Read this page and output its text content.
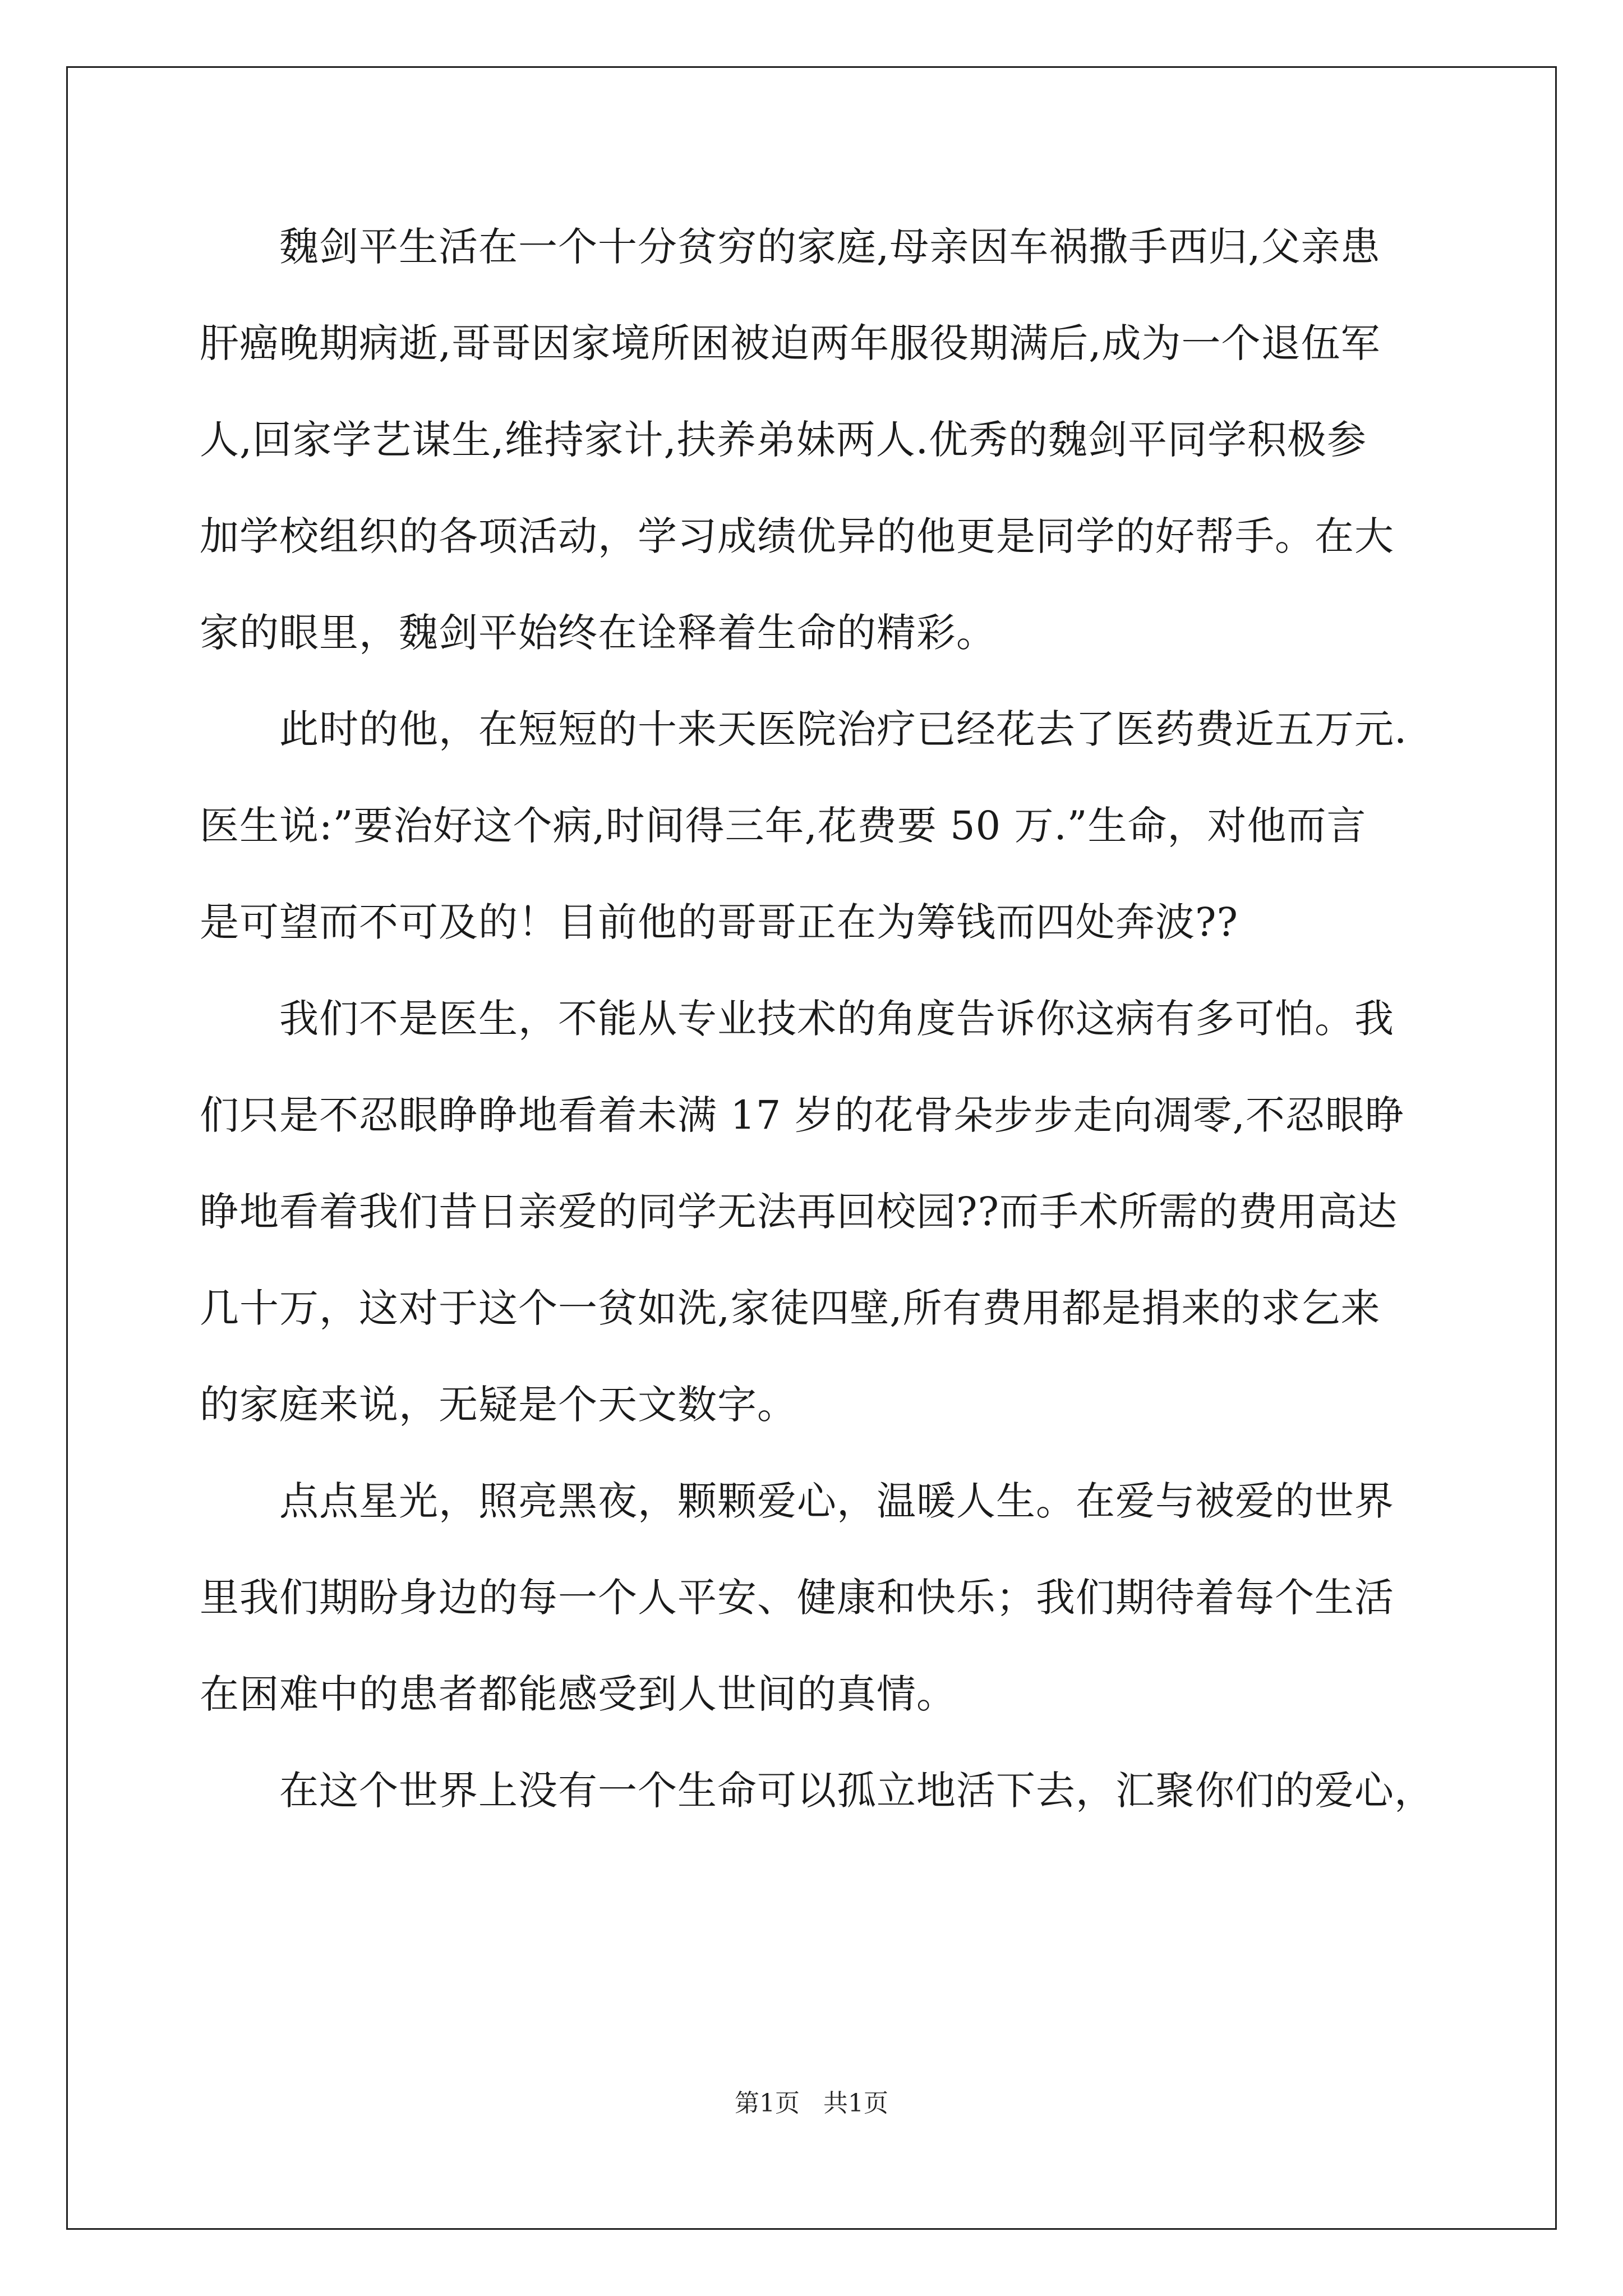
　　魏剑平生活在一个十分贫穷的家庭,母亲因车祸撒手西归,父亲患
肝癌晚期病逝,哥哥因家境所困被迫两年服役期满后,成为一个退伍军
人,回家学艺谋生,维持家计,扶养弟妹两人.优秀的魏剑平同学积极参
加学校组织的各项活动，学习成绩优异的他更是同学的好帮手。在大
家的眼里，魏剑平始终在诠释着生命的精彩。
　　此时的他，在短短的十来天医院治疗已经花去了医药费近五万元.
医生说:”要治好这个病,时间得三年,花费要 50 万.”生命，对他而言
是可望而不可及的！目前他的哥哥正在为筹钱而四处奔波??
　　我们不是医生，不能从专业技术的角度告诉你这病有多可怕。我
们只是不忍眼睁睁地看着未满 17 岁的花骨朵步步走向凋零,不忍眼睁
睁地看着我们昔日亲爱的同学无法再回校园??而手术所需的费用高达
几十万，这对于这个一贫如洗,家徒四壁,所有费用都是捐来的求乞来
的家庭来说，无疑是个天文数字。
　　点点星光，照亮黑夜，颗颗爱心，温暖人生。在爱与被爱的世界
里我们期盼身边的每一个人平安、健康和快乐；我们期待着每个生活
在困难中的患者都能感受到人世间的真情。
　　在这个世界上没有一个生命可以孤立地活下去，汇聚你们的爱心，
第1页 共1页
